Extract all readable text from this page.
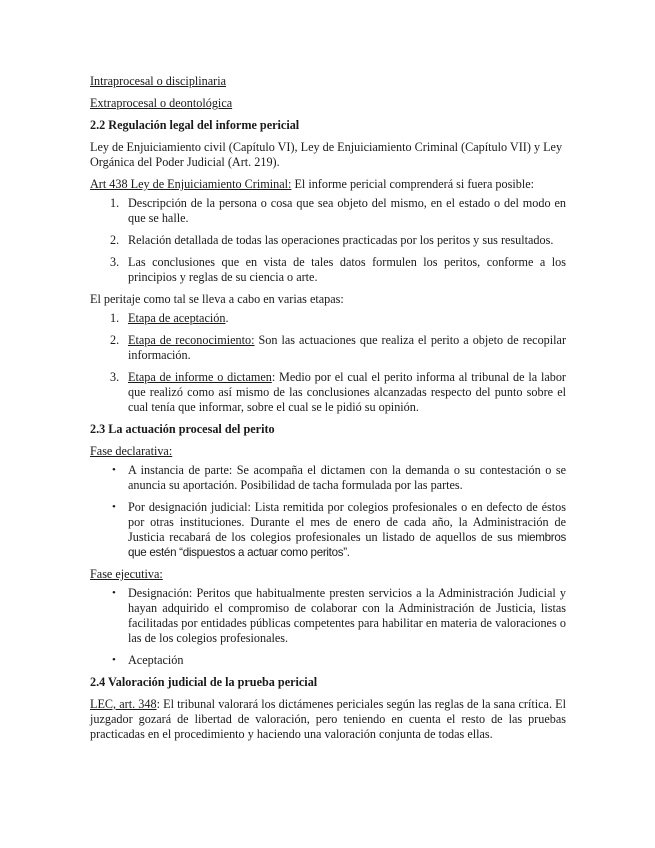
Intraprocesal o disciplinaria

Extraprocesal o deontológica

2.2 Regulación legal del informe pericial

Ley de Enjuiciamiento civil (Capítulo VI), Ley de Enjuiciamiento Criminal (Capítulo VII) y Ley Orgánica del Poder Judicial (Art. 219).

Art 438 Ley de Enjuiciamiento Criminal: El informe pericial comprenderá si fuera posible:

1. Descripción de la persona o cosa que sea objeto del mismo, en el estado o del modo en que se halle.
2. Relación detallada de todas las operaciones practicadas por los peritos y sus resultados.
3. Las conclusiones que en vista de tales datos formulen los peritos, conforme a los principios y reglas de su ciencia o arte.

El peritaje como tal se lleva a cabo en varias etapas:

1. Etapa de aceptación.
2. Etapa de reconocimiento: Son las actuaciones que realiza el perito a objeto de recopilar información.
3. Etapa de informe o dictamen: Medio por el cual el perito informa al tribunal de la labor que realizó como así mismo de las conclusiones alcanzadas respecto del punto sobre el cual tenía que informar, sobre el cual se le pidió su opinión.

2.3 La actuación procesal del perito

Fase declarativa:

• A instancia de parte: Se acompaña el dictamen con la demanda o su contestación o se anuncia su aportación. Posibilidad de tacha formulada por las partes.
• Por designación judicial: Lista remitida por colegios profesionales o en defecto de éstos por otras instituciones. Durante el mes de enero de cada año, la Administración de Justicia recabará de los colegios profesionales un listado de aquellos de sus miembros que estén “dispuestos a actuar como peritos”.

Fase ejecutiva:

• Designación: Peritos que habitualmente presten servicios a la Administración Judicial y hayan adquirido el compromiso de colaborar con la Administración de Justicia, listas facilitadas por entidades públicas competentes para habilitar en materia de valoraciones o las de los colegios profesionales.
• Aceptación

2.4 Valoración judicial de la prueba pericial

LEC, art. 348: El tribunal valorará los dictámenes periciales según las reglas de la sana crítica. El juzgador gozará de libertad de valoración, pero teniendo en cuenta el resto de las pruebas practicadas en el procedimiento y haciendo una valoración conjunta de todas ellas.
